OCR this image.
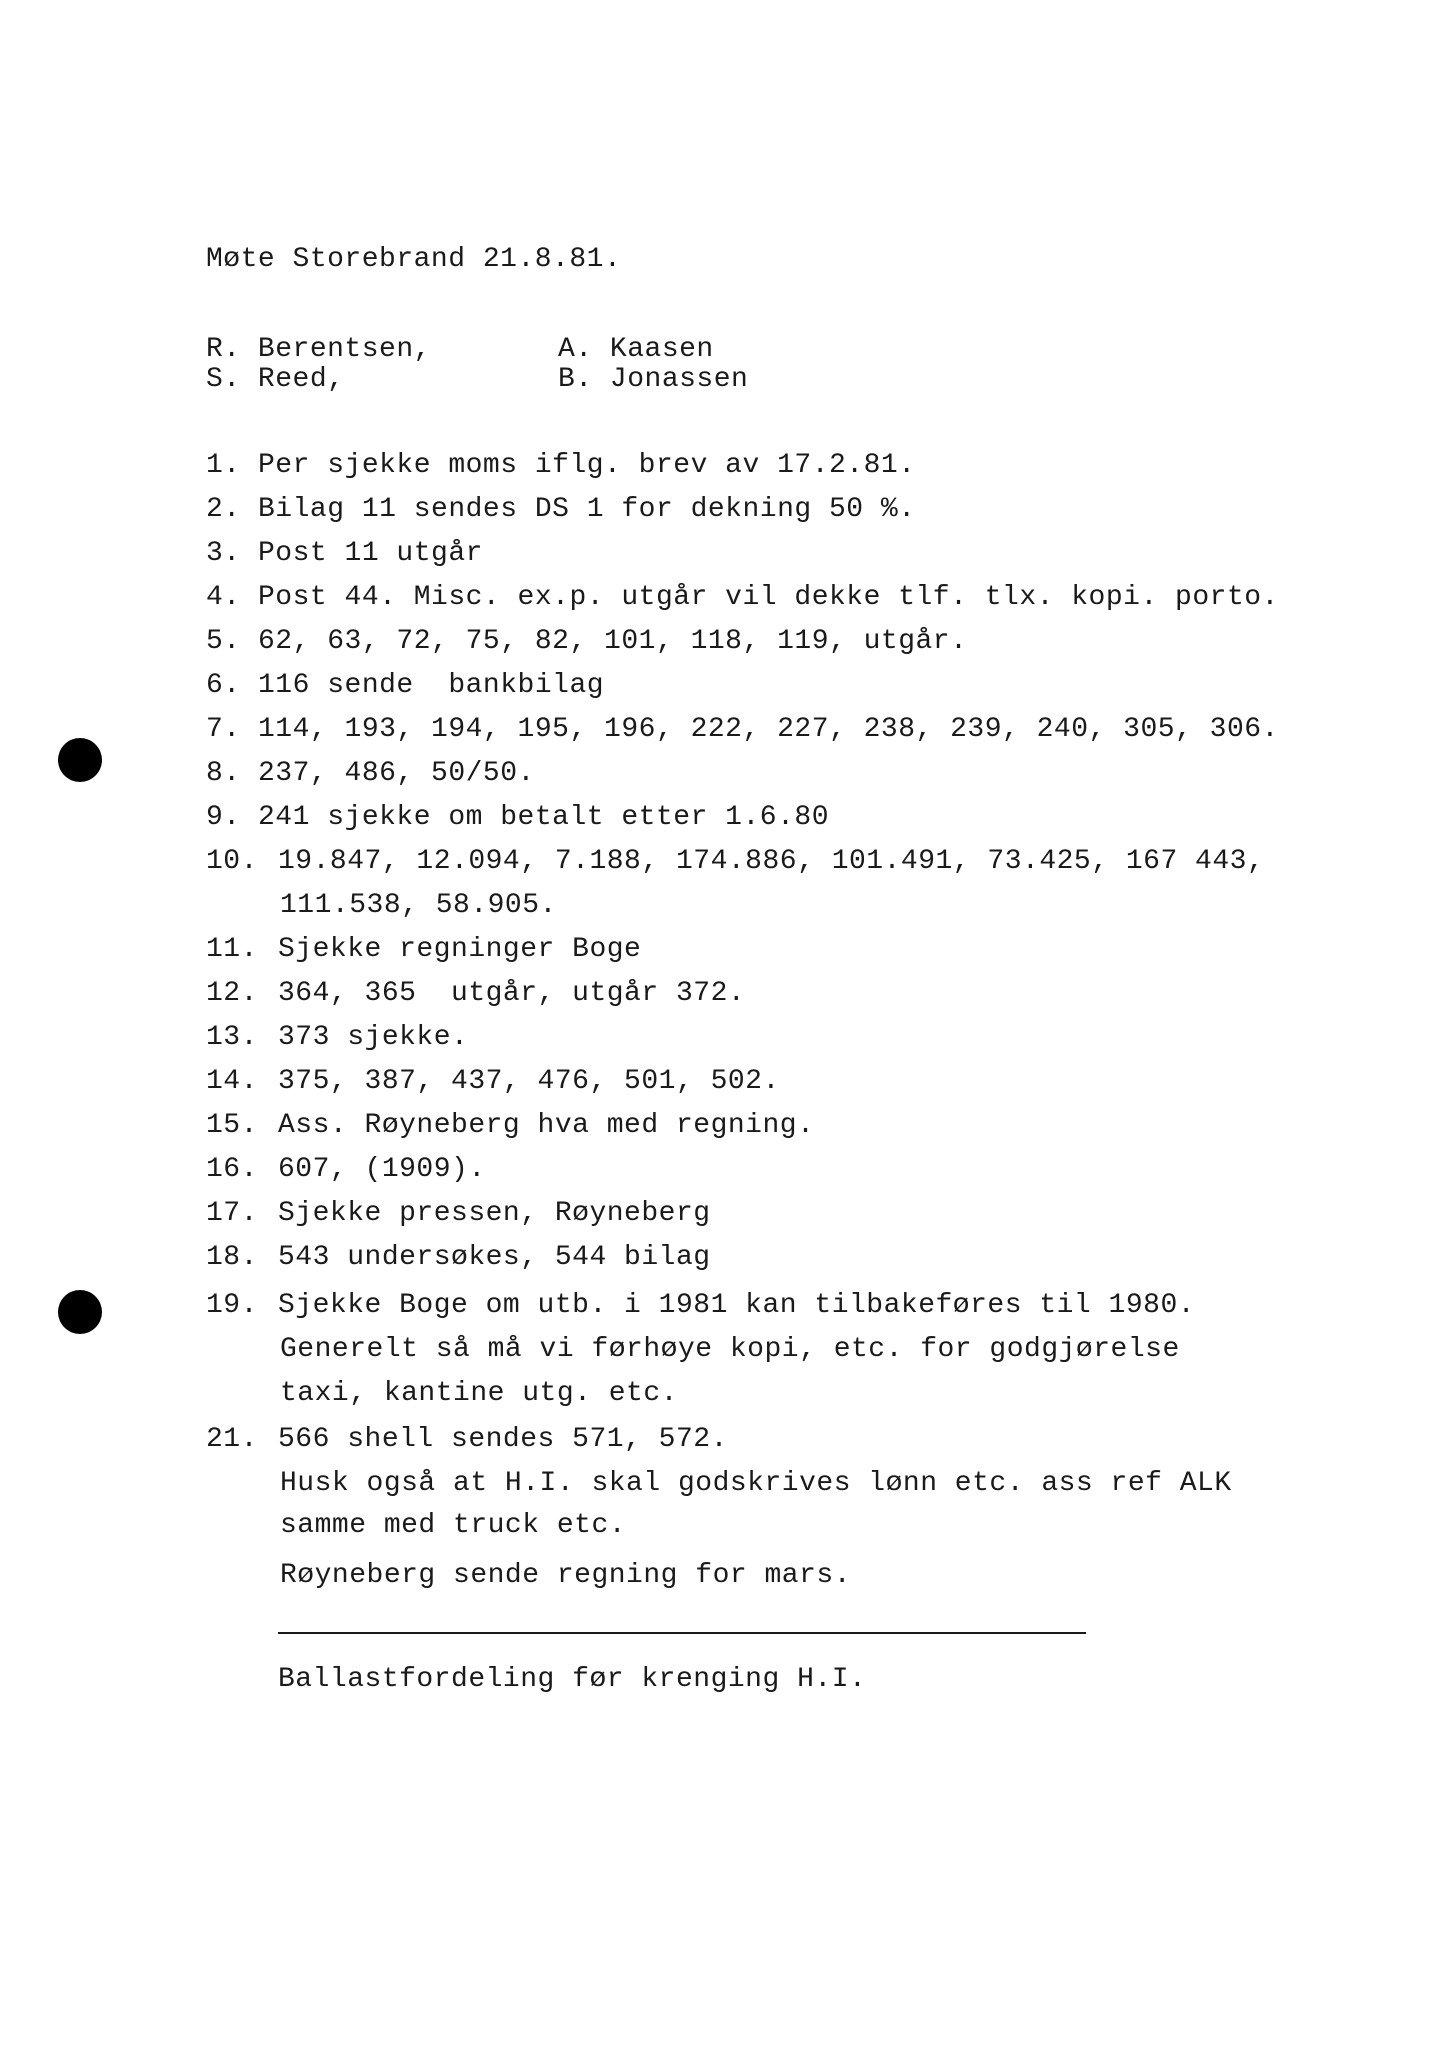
Møte Storebrand 21.8.81.
R. Berentsen,
S. Reed,
A. Kaasen
B. Jonassen
1. Per sjekke moms iflg. brev av 17.2.81.
2. Bilag 11 sendes DS 1 for dekning 50 %.
3. Post 11 utgår
4. Post 44. Misc. ex.p. utgår vil dekke tlf. tlx. kopi. porto.
5. 62, 63, 72, 75, 82, 101, 118, 119, utgår.
6. 116 sende  bankbilag
7. 114, 193, 194, 195, 196, 222, 227, 238, 239, 240, 305, 306.
8. 237, 486, 50/50.
9. 241 sjekke om betalt etter 1.6.80
10. 19.847, 12.094, 7.188, 174.886, 101.491, 73.425, 167 443,
111.538, 58.905.
11. Sjekke regninger Boge
12. 364, 365  utgår, utgår 372.
13. 373 sjekke.
14. 375, 387, 437, 476, 501, 502.
15. Ass. Røyneberg hva med regning.
16. 607, (1909).
17. Sjekke pressen, Røyneberg
18. 543 undersøkes, 544 bilag
19. Sjekke Boge om utb. i 1981 kan tilbakeføres til 1980.
Generelt så må vi førhøye kopi, etc. for godgjørelse
taxi, kantine utg. etc.
21. 566 shell sendes 571, 572.
Husk også at H.I. skal godskrives lønn etc. ass ref ALK
samme med truck etc.
Røyneberg sende regning for mars.
Ballastfordeling før krenging H.I.
